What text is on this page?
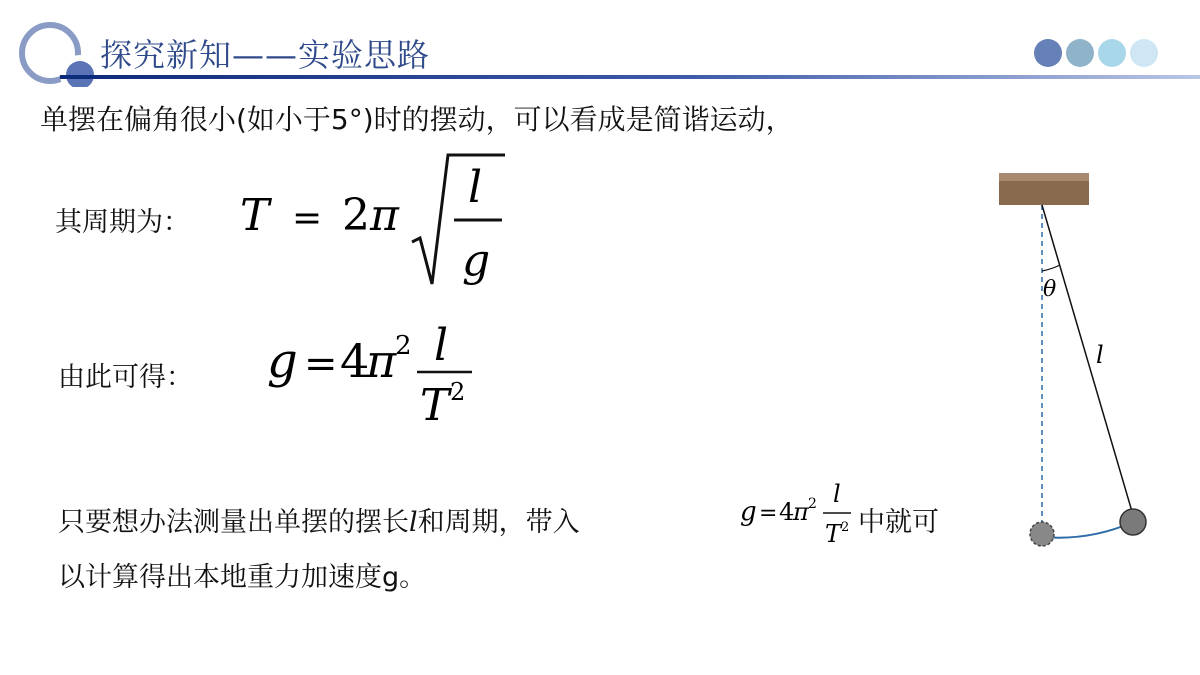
探究新知——实验思路
单摆在偏角很小(如小于5°)时的摆动，可以看成是简谐运动，
其周期为： T = 2 π
l
g
由此可得： g = 4
π
2 l
T 2
只要想办法测量出单摆的摆长l和周期，带入	g = 4
π 2 l
T 2 中就可
以计算得出本地重力加速度g。
θ
l
